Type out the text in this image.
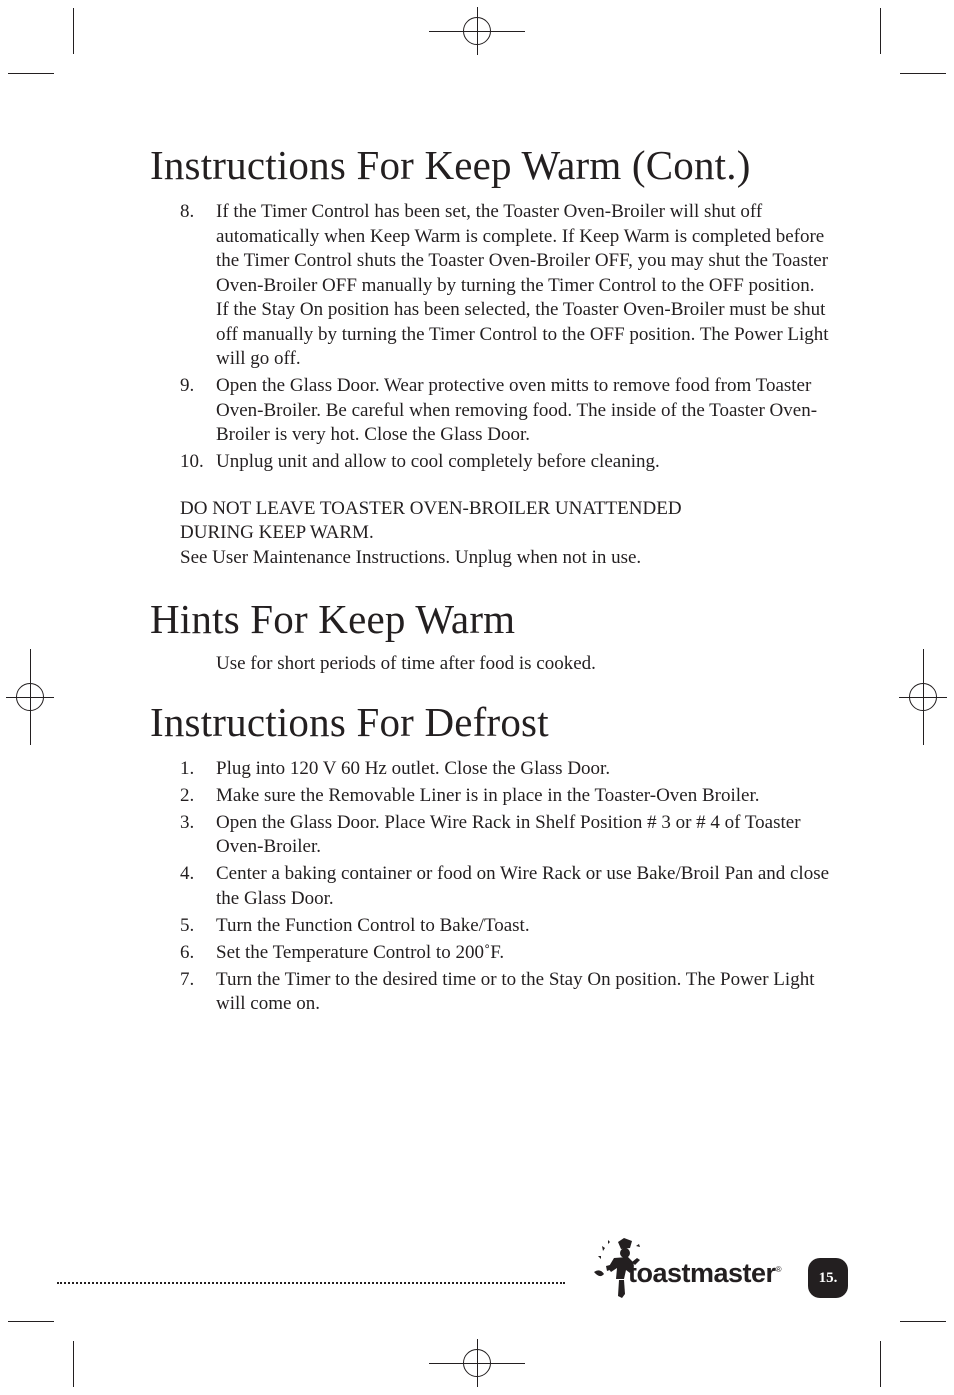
Instructions For Keep Warm (Cont.)
8. If the Timer Control has been set, the Toaster Oven-Broiler will shut off automatically when Keep Warm is complete. If Keep Warm is completed before the Timer Control shuts the Toaster Oven-Broiler OFF, you may shut the Toaster Oven-Broiler OFF manually by turning the Timer Control to the OFF position. If the Stay On position has been selected, the Toaster Oven-Broiler must be shut off manually by turning the Timer Control to the OFF position. The Power Light will go off.
9. Open the Glass Door. Wear protective oven mitts to remove food from Toaster Oven-Broiler. Be careful when removing food. The inside of the Toaster Oven-Broiler is very hot. Close the Glass Door.
10. Unplug unit and allow to cool completely before cleaning.

DO NOT LEAVE TOASTER OVEN-BROILER UNATTENDED

DURING KEEP WARM.

See User Maintenance Instructions. Unplug when not in use.

Hints For Keep Warm
Use for short periods of time after food is cooked.
Instructions For Defrost
1. Plug into 120 V 60 Hz outlet. Close the Glass Door.
2. Make sure the Removable Liner is in place in the Toaster-Oven Broiler.
3. Open the Glass Door. Place Wire Rack in Shelf Position # 3 or # 4 of Toaster Oven-Broiler.
4. Center a baking container or food on Wire Rack or use Bake/Broil Pan and close the Glass Door.
5. Turn the Function Control to Bake/Toast.
6. Set the Temperature Control to 200˚F.
7. Turn the Timer to the desired time or to the Stay On position. The Power Light will come on.
toastmaster®	15.
